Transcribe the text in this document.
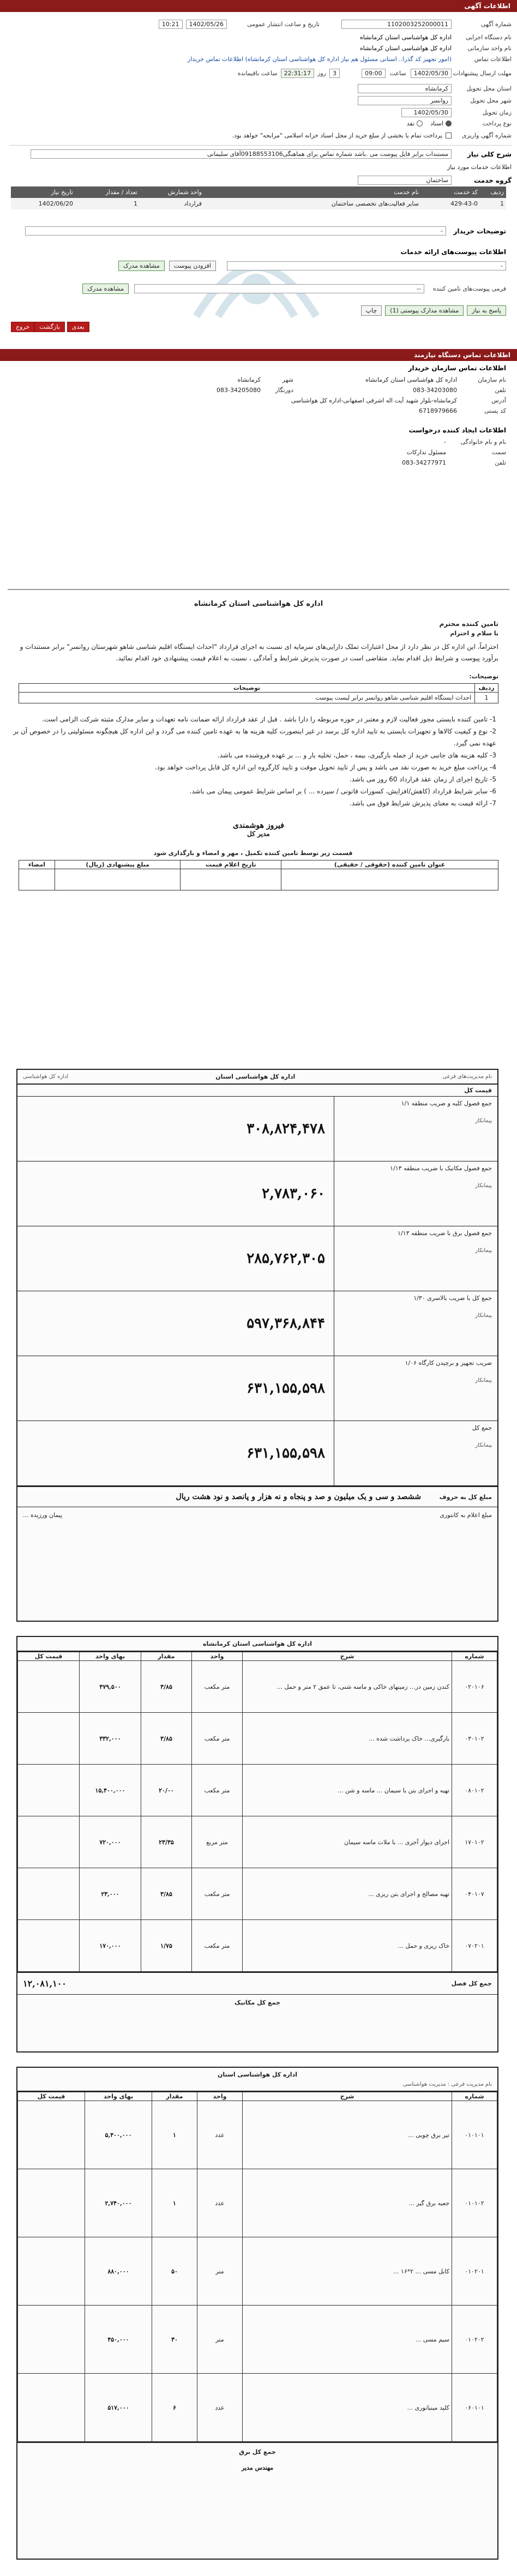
اطلاعات آگهی
شماره آگهی
1102003252000011
تاریخ و ساعت انتشار عمومی
1402/05/26
10:21
نام دستگاه اجرایی
اداره کل هواشناسی استان کرمانشاه
نام واحد سازمانی
اداره کل هواشناسی استان کرمانشاه
اطلاعات تماس
(امور تجهیز کد گذرا.. استانی مسئول هم نیاز اداره کل هواشناسی استان کرمانشاه) اطلاعات تماس خریدار
مهلت ارسال پیشنهادات
1402/05/30
ساعت
09:00
3
روز
22:31:17
ساعت باقیمانده
استان محل تحویل
کرمانشاه
شهر محل تحویل
روانسر
زمان تحویل
1402/05/30
نوع پرداخت
اسناد
نقد
شماره آگهی واریزی
پرداخت تمام یا بخشی از مبلغ خرید از محل اسناد خزانه اسلامی "مرابحه" خواهد بود.
شرح کلی نیاز
مستندات برابر فایل پیوست می .باشد شماره تماس برای هماهنگی09188553106آقای سلیمانی
اطلاعات خدمات مورد نیاز
گروه خدمت
ساختمان
ردیف	کد خدمت	نام خدمت	واحد شمارش	تعداد / مقدار	تاریخ نیاز
1	429-43-0	سایر فعالیت‌های تخصصی ساختمان	قرارداد	1	1402/06/20
توضیحات خریدار
-
اطلاعات پیوست‌های ارائه خدمات
-
افزودن پیوست
مشاهده مدرک
فرمی پیوست‌های تامین کننده
--
مشاهده مدرک
پاسخ به نیاز
مشاهده مدارک پیوستی (1)
چاپ
بعدی
بازگشت
خروج
اطلاعات تماس دستگاه نیازمند
اطلاعات تماس سازمان خریدار
نام سازمان
اداره کل هواشناسی استان کرمانشاه
شهر
کرمانشاه
تلفن
083-34203080
دورنگار
083-34205080
آدرس
کرمانشاه-بلوار شهید آیت اله اشرفی اصفهانی-اداره کل هواشناسی
کد پستی
6718979666
اطلاعات ایجاد کننده درخواست
نام و نام خانوادگی
-
سمت
مسئول تدارکات
تلفن
083-34277971
اداره کل هواشناسی استان کرمانشاه
تامین کننده محترم
با سلام و احترام
احتراماً، این اداره کل در نظر دارد از محل اعتبارات تملک دارایی‌های سرمایه ای نسبت به اجرای قرارداد "احداث ایستگاه اقلیم شناسی شاهو شهرستان روانسر" برابر مستندات و برآورد پیوست و شرایط ذیل اقدام نماید. متقاضی است در صورت پذیرش شرایط و آمادگی ، نسبت به اعلام قیمت پیشنهادی خود اقدام نمائید.
توضیحات:
ردیف	توضیحات
1	احداث ایستگاه اقلیم شناسی شاهو روانسر برابر لیست پیوست
1- تامین کننده بایستی مجوز فعالیت لازم و معتبر در حوزه مربوطه را دارا باشد . قبل از عقد قرارداد ارائه ضمانت نامه تعهدات و سایر مدارک مثبته شرکت الزامی است.
2- نوع و کیفیت کالاها و تجهیزات بایستی به تایید اداره کل برسد در غیر اینصورت کلیه هزینه ها به عهده تامین کننده می گردد و این اداره کل هیچگونه مسئولیتی را در خصوص آن بر عهده نمی گیرد.
3- کلیه هزینه های جانبی خرید از جمله بارگیری، بیمه ، حمل، تخلیه بار و ... بر عهده فروشنده می باشد.
4- پرداخت مبلغ خرید به صورت نقد می باشد و پس از تایید تحویل موقت و تایید کارگروه این اداره کل قابل پرداخت خواهد بود.
5- تاریخ اجرای از زمان عقد قرارداد 60 روز می باشد.
6- سایر شرایط قرارداد (کاهش/افزایش، کسورات قانونی / سپرده ... ) بر اساس شرایط عمومی پیمان می باشد.
7- ارائه قیمت به معنای پذیرش شرایط فوق می باشد.
فیروز هوشمندی
مدیر کل
قسمت زیر توسط تامین کننده تکمیل ، مهر و امضاء و بارگذاری شود
عنوان تامین کننده (حقوقی / حقیقی)	تاریخ اعلام قیمت	مبلغ پیشنهادی (ریال)	امضاء

نام مدیریت‌های فرعی
اداره کل هواشناسی استان
اداره کل هواشناسی
قیمت کل
جمع فصول کلیه و ضریب منطقه ۱/۱
پیمانکار
۳۰۸,۸۲۴,۴۷۸
جمع فصول مکانیک با ضریب منطقه ۱/۱۳
پیمانکار
۲,۷۸۳,۰۶۰
جمع فصول برق با ضریب منطقه ۱/۱۳
پیمانکار
۲۸۵,۷۶۲,۳۰۵
جمع کل با ضریب بالاسری ۱/۳۰
پیمانکار
۵۹۷,۳۶۸,۸۴۴
ضریب تجهیز و برچیدن کارگاه ۱/۰۶
پیمانکار
۶۳۱,۱۵۵,۵۹۸
جمع کل
پیمانکار
۶۳۱,۱۵۵,۵۹۸
مبلغ کل به حروف
ششصد و سی و یک میلیون و صد و پنجاه و نه هزار و پانصد و نود هشت ریال
مبلغ اعلام به کانتوری
پیمان ورزیده ...
اداره کل هواشناسی استان کرمانشاه
شماره	شرح	واحد	مقدار	بهای واحد	قیمت کل
۰۲۰۱۰۶	کندن زمین در... زمینهای خاکی و ماسه شنی، تا عمق ۲ متر و حمل ...	متر مکعب	۳/۸۵	۴۷۹,۵۰۰	
۰۳۰۱۰۲	بارگیری... خاک برداشت شده ...	متر مکعب	۳/۸۵	۳۳۲,۰۰۰	
۰۸۰۱۰۲	تهیه و اجرای بتن با سیمان ... ماسه و شن ...	متر مکعب	۲۰/۰۰	۱۵,۴۰۰,۰۰۰	
۱۷۰۱۰۲	اجرای دیوار آجری ... با ملات ماسه سیمان	متر مربع	۲۳/۳۵	۷۲۰,۰۰۰	
۰۴۰۱۰۷	تهیه مصالح و اجرای بتن ریزی ...	متر مکعب	۳/۸۵	۲۳,۰۰۰	
۰۷۰۲۰۱	خاک ریزی و حمل ...	متر مکعب	۱/۷۵	۱۷۰,۰۰۰	
جمع کل فصل
۱۲,۰۸۱,۱۰۰
جمع کل مکانیک
اداره کل هواشناسی استان
نام مدیریت فرعی : مدیریت هواشناسی
شماره	شرح	واحد	مقدار	بهای واحد	قیمت کل
۰۱۰۱۰۱	تیر برق چوبی ...	عدد	۱	۵,۴۰۰,۰۰۰	
۰۱۰۱۰۲	جعبه برق گیر ...	عدد	۱	۲,۷۴۰,۰۰۰	
۰۱۰۲۰۱	کابل مسی ... ۲*۱۶ ...	متر	۵۰	۸۸۰,۰۰۰	
۰۱۰۲۰۲	سیم مسی ...	متر	۳۰	۴۵۰,۰۰۰	
۰۶۰۱۰۱	کلید مینیاتوری ...	عدد	۶	۵۱۷,۰۰۰	
جمع کل برق
مهندس مدیر
